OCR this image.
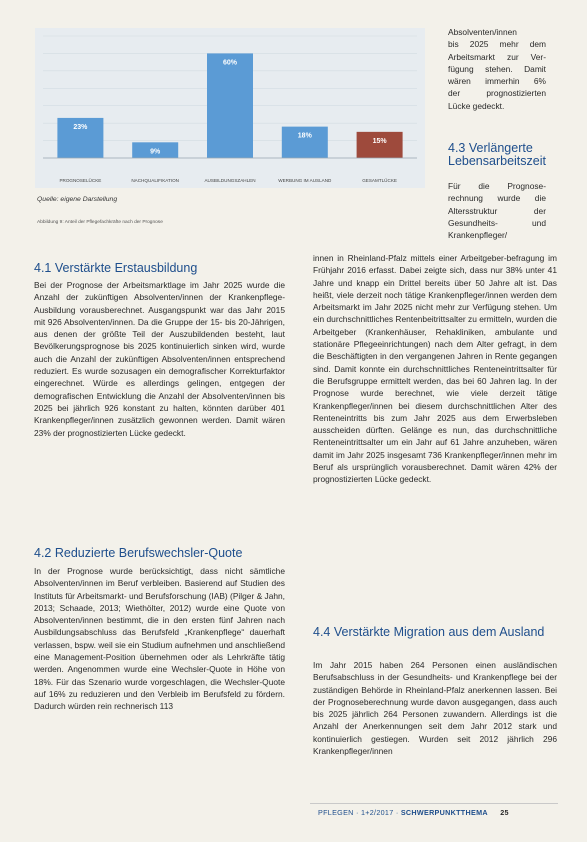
23%
PROGNOSELÜCKE
9%
NACHQUALIFIKATION
60%
AUSBILDUNGSZAHLEN
18%
WERBUNG IM AUSLAND
15%
GESAMTLÜCKE
Quelle: eigene Darstellung
Abbildung 9: Anteil der Pflegefachkräfte nach der Prognose
Absolventen/innen
bis 2025 mehr dem
Arbeitsmarkt zur Ver-
fügung stehen. Damit
wären immerhin 6%
der prognostizierten
Lücke gedeckt.
4.3 Verlängerte Lebensarbeitszeit
Für die Prognose-
rechnung wurde die
Altersstruktur der
Gesundheits- und
Krankenpfleger/

innen in Rheinland-Pfalz mittels einer Arbeitgeber-befragung im Frühjahr 2016 erfasst. Dabei zeigte sich, dass nur 38% unter 41 Jahre und knapp ein Drittel bereits über 50 Jahre alt ist. Das heißt, viele derzeit noch tätige Krankenpfleger/innen werden dem Arbeitsmarkt im Jahr 2025 nicht mehr zur Verfügung stehen. Um ein durchschnittliches Rentenbeitrittsalter zu ermitteln, wurden die Arbeitgeber (Krankenhäuser, Rehakliniken, ambulante und stationäre Pflegeeinrichtungen) nach dem Alter gefragt, in dem die Beschäftigten in den vergangenen Jahren in Rente gegangen sind. Damit konnte ein durchschnittliches Renteneintrittsalter für die Berufsgruppe ermittelt werden, das bei 60 Jahren lag. In der Prognose wurde berechnet, wie viele derzeit tätige Krankenpfleger/innen bei diesem durchschnittlichen Alter des Renteneintritts bis zum Jahr 2025 aus dem Erwerbsleben ausscheiden dürften. Gelänge es nun, das durchschnittliche Renteneintrittsalter um ein Jahr auf 61 Jahre anzuheben, wären damit im Jahr 2025 insgesamt 736 Krankenpfleger/innen mehr im Beruf als ursprünglich vorausberechnet. Damit wären 42% der prognostizierten Lücke gedeckt.

4.1 Verstärkte Erstausbildung

Bei der Prognose der Arbeitsmarktlage im Jahr 2025 wurde die Anzahl der zukünftigen Absolventen/innen der Krankenpflege-Ausbildung vorausberechnet. Ausgangspunkt war das Jahr 2015 mit 926 Absolventen/innen. Da die Gruppe der 15- bis 20-Jährigen, aus denen der größte Teil der Auszubildenden besteht, laut Bevölkerungsprognose bis 2025 kontinuierlich sinken wird, wurde auch die Anzahl der zukünftigen Absolventen/innen entsprechend reduziert. Es wurde sozusagen ein demografischer Korrekturfaktor eingerechnet. Würde es allerdings gelingen, entgegen der demografischen Entwicklung die Anzahl der Absolventen/innen bis 2025 bei jährlich 926 konstant zu halten, könnten darüber 401 Krankenpfleger/innen zusätzlich gewonnen werden. Damit wären 23% der prognostizierten Lücke gedeckt.

4.2 Reduzierte Berufswechsler-Quote

In der Prognose wurde berücksichtigt, dass nicht sämtliche Absolventen/innen im Beruf verbleiben. Basierend auf Studien des Instituts für Arbeitsmarkt- und Berufsforschung (IAB) (Pilger & Jahn, 2013; Schaade, 2013; Wiethölter, 2012) wurde eine Quote von Absolventen/innen bestimmt, die in den ersten fünf Jahren nach Ausbildungsabschluss das Berufsfeld „Krankenpflege“ dauerhaft verlassen, bspw. weil sie ein Studium aufnehmen und anschließend eine Management-Position übernehmen oder als Lehrkräfte tätig werden. Angenommen wurde eine Wechsler-Quote in Höhe von 18%. Für das Szenario wurde vorgeschlagen, die Wechsler-Quote auf 16% zu reduzieren und den Verbleib im Berufsfeld zu fördern. Dadurch würden rein rechnerisch 113

4.4 Verstärkte Migration aus dem Ausland

Im Jahr 2015 haben 264 Personen einen ausländischen Berufsabschluss in der Gesundheits- und Krankenpflege bei der zuständigen Behörde in Rheinland-Pfalz anerkennen lassen. Bei der Prognoseberechnung wurde davon ausgegangen, dass auch bis 2025 jährlich 264 Personen zuwandern. Allerdings ist die Anzahl der Anerkennungen seit dem Jahr 2012 stark und kontinuierlich gestiegen. Wurden seit 2012 jährlich 296 Krankenpfleger/innen

PFLEGEN · 1+2/2017 · SCHWERPUNKTTHEMA 25
